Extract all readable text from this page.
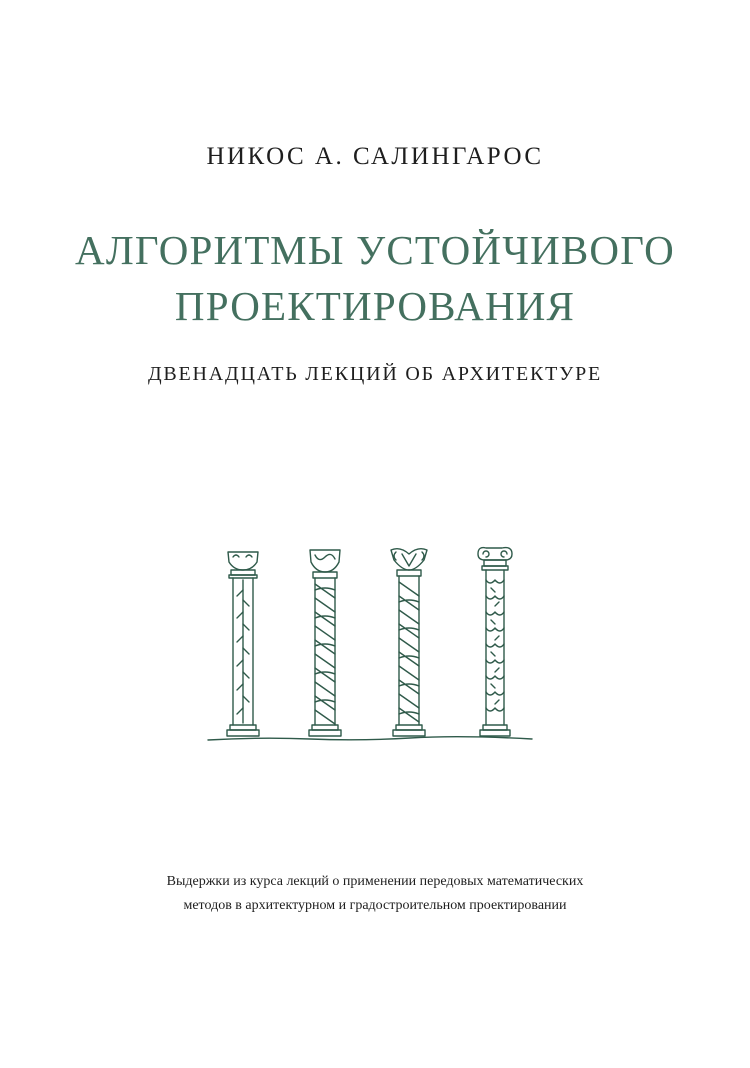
НИКОС А. САЛИНГАРОС
АЛГОРИТМЫ УСТОЙЧИВОГО
ПРОЕКТИРОВАНИЯ
ДВЕНАДЦАТЬ ЛЕКЦИЙ ОБ АРХИТЕКТУРЕ
Выдержки из курса лекций о применении передовых математических
методов в архитектурном и градостроительном проектировании
